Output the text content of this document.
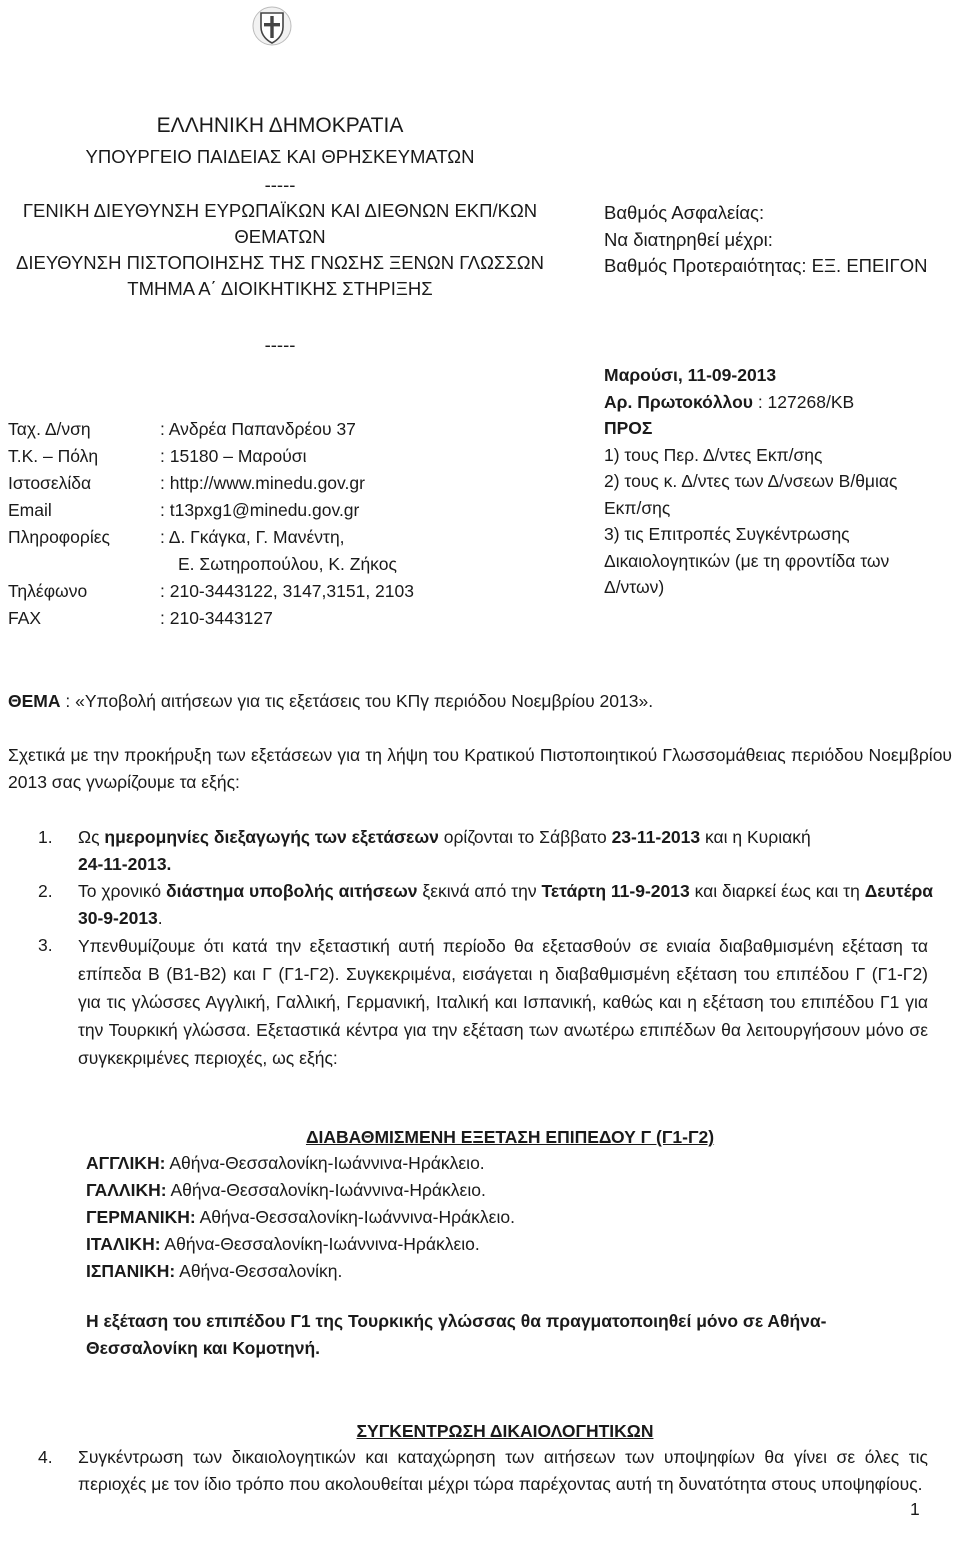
ΕΛΛΗΝΙΚΗ ΔΗΜΟΚΡΑΤΙΑ
ΥΠΟΥΡΓΕΙΟ ΠΑΙΔΕΙΑΣ ΚΑΙ ΘΡΗΣΚΕΥΜΑΤΩΝ
-----
ΓΕΝΙΚΗ ΔΙΕΥΘΥΝΣΗ ΕΥΡΩΠΑΪΚΩΝ ΚΑΙ ΔΙΕΘΝΩΝ ΕΚΠ/ΚΩΝ
ΘΕΜΑΤΩΝ
ΔΙΕΥΘΥΝΣΗ ΠΙΣΤΟΠΟΙΗΣΗΣ ΤΗΣ ΓΝΩΣΗΣ ΞΕΝΩΝ ΓΛΩΣΣΩΝ
ΤΜΗΜΑ Α΄ ΔΙΟΙΚΗΤΙΚΗΣ ΣΤΗΡΙΞΗΣ
-----
Βαθμός Ασφαλείας:
Να διατηρηθεί μέχρι:
Βαθμός Προτεραιότητας: ΕΞ. ΕΠΕΙΓΟΝ
Ταχ. Δ/νση	: Ανδρέα Παπανδρέου 37
Τ.Κ. – Πόλη	: 15180 – Μαρούσι
Ιστοσελίδα	: http://www.minedu.gov.gr
Email	: t13pxg1@minedu.gov.gr
Πληροφορίες	: Δ. Γκάγκα, Γ. Μανέντη,
Ε. Σωτηροπούλου, Κ. Ζήκος
Τηλέφωνο	: 210-3443122, 3147,3151, 2103
FAX	: 210-3443127
Μαρούσι, 11-09-2013
Αρ. Πρωτοκόλλου : 127268/ΚΒ
ΠΡΟΣ
1) τους Περ. Δ/ντες Εκπ/σης
2) τους κ. Δ/ντες των Δ/νσεων Β/θμιας
Εκπ/σης
3) τις Επιτροπές Συγκέντρωσης
Δικαιολογητικών (με τη φροντίδα των
Δ/ντων)
ΘΕΜΑ : «Υποβολή αιτήσεων για τις εξετάσεις του ΚΠγ περιόδου Νοεμβρίου 2013».
Σχετικά με την προκήρυξη των εξετάσεων για τη λήψη του Κρατικού Πιστοποιητικού Γλωσσομάθειας περιόδου Νοεμβρίου 2013 σας γνωρίζουμε τα εξής:
1. Ως ημερομηνίες διεξαγωγής των εξετάσεων ορίζονται το Σάββατο 23-11-2013 και η Κυριακή
24-11-2013.
2. Το χρονικό διάστημα υποβολής αιτήσεων ξεκινά από την Τετάρτη 11-9-2013 και διαρκεί έως και τη Δευτέρα 30-9-2013.
3. Υπενθυμίζουμε ότι κατά την εξεταστική αυτή περίοδο θα εξετασθούν σε ενιαία διαβαθμισμένη εξέταση τα επίπεδα Β (Β1-Β2) και Γ (Γ1-Γ2). Συγκεκριμένα, εισάγεται η διαβαθμισμένη εξέταση του επιπέδου Γ (Γ1-Γ2) για τις γλώσσες Αγγλική, Γαλλική, Γερμανική, Ιταλική και Ισπανική, καθώς και η εξέταση του επιπέδου Γ1 για την Τουρκική γλώσσα. Εξεταστικά κέντρα για την εξέταση των ανωτέρω επιπέδων θα λειτουργήσουν μόνο σε συγκεκριμένες περιοχές, ως εξής:
ΔΙΑΒΑΘΜΙΣΜΕΝΗ ΕΞΕΤΑΣΗ ΕΠΙΠΕΔΟΥ Γ (Γ1-Γ2)
ΑΓΓΛΙΚΗ: Αθήνα-Θεσσαλονίκη-Ιωάννινα-Ηράκλειο.
ΓΑΛΛΙΚΗ: Αθήνα-Θεσσαλονίκη-Ιωάννινα-Ηράκλειο.
ΓΕΡΜΑΝΙΚΗ: Αθήνα-Θεσσαλονίκη-Ιωάννινα-Ηράκλειο.
ΙΤΑΛΙΚΗ: Αθήνα-Θεσσαλονίκη-Ιωάννινα-Ηράκλειο.
ΙΣΠΑΝΙΚΗ: Αθήνα-Θεσσαλονίκη.
Η εξέταση του επιπέδου Γ1 της Τουρκικής γλώσσας θα πραγματοποιηθεί μόνο σε Αθήνα-
Θεσσαλονίκη και Κομοτηνή.
ΣΥΓΚΕΝΤΡΩΣΗ ΔΙΚΑΙΟΛΟΓΗΤΙΚΩΝ
4. Συγκέντρωση των δικαιολογητικών και καταχώρηση των αιτήσεων των υποψηφίων θα γίνει σε όλες τις περιοχές με τον ίδιο τρόπο που ακολουθείται μέχρι τώρα παρέχοντας αυτή τη δυνατότητα στους υποψηφίους.
1
